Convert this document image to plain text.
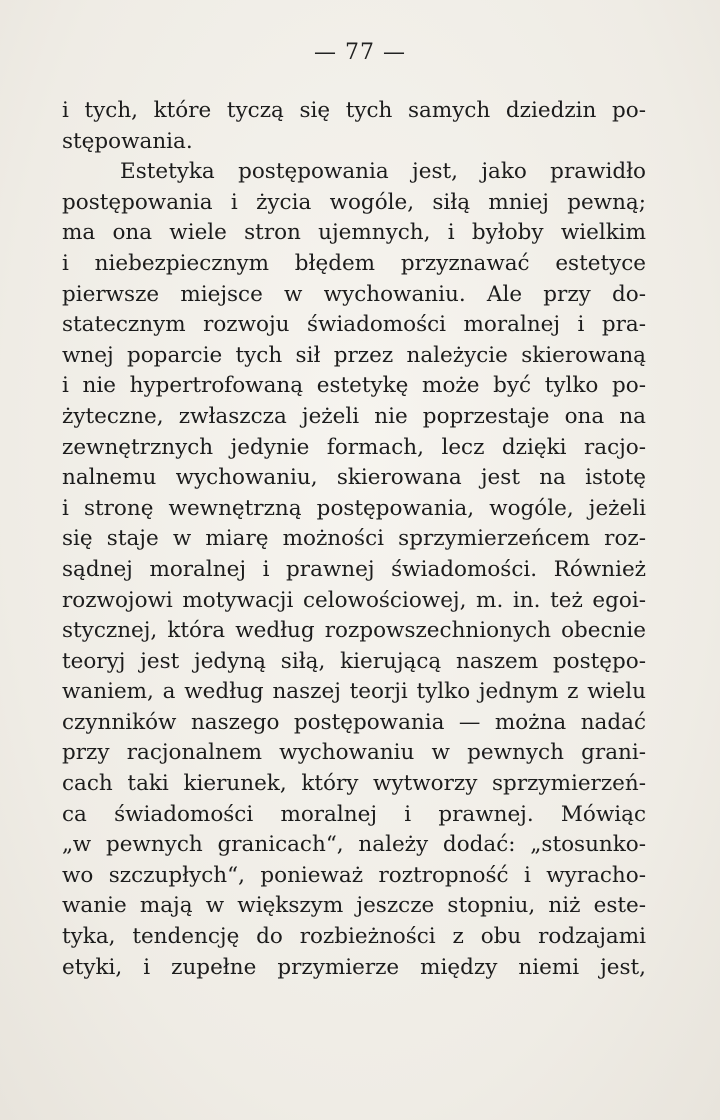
— 77 —
i tych, które tyczą się tych samych dziedzin po-
stępowania.
Estetyka postępowania jest, jako prawidło
postępowania i życia wogóle, siłą mniej pewną;
ma ona wiele stron ujemnych, i byłoby wielkim
i niebezpiecznym błędem przyznawać estetyce
pierwsze miejsce w wychowaniu. Ale przy do-
statecznym rozwoju świadomości moralnej i pra-
wnej poparcie tych sił przez należycie skierowaną
i nie hypertrofowaną estetykę może być tylko po-
żyteczne, zwłaszcza jeżeli nie poprzestaje ona na
zewnętrznych jedynie formach, lecz dzięki racjo-
nalnemu wychowaniu, skierowana jest na istotę
i stronę wewnętrzną postępowania, wogóle, jeżeli
się staje w miarę możności sprzymierzeńcem roz-
sądnej moralnej i prawnej świadomości. Również
rozwojowi motywacji celowościowej, m. in. też egoi-
stycznej, która według rozpowszechnionych obecnie
teoryj jest jedyną siłą, kierującą naszem postępo-
waniem, a według naszej teorji tylko jednym z wielu
czynników naszego postępowania — można nadać
przy racjonalnem wychowaniu w pewnych grani-
cach taki kierunek, który wytworzy sprzymierzeń-
ca świadomości moralnej i prawnej. Mówiąc
„w pewnych granicach“, należy dodać: „stosunko-
wo szczupłych“, ponieważ roztropność i wyracho-
wanie mają w większym jeszcze stopniu, niż este-
tyka, tendencję do rozbieżności z obu rodzajami
etyki, i zupełne przymierze między niemi jest,
